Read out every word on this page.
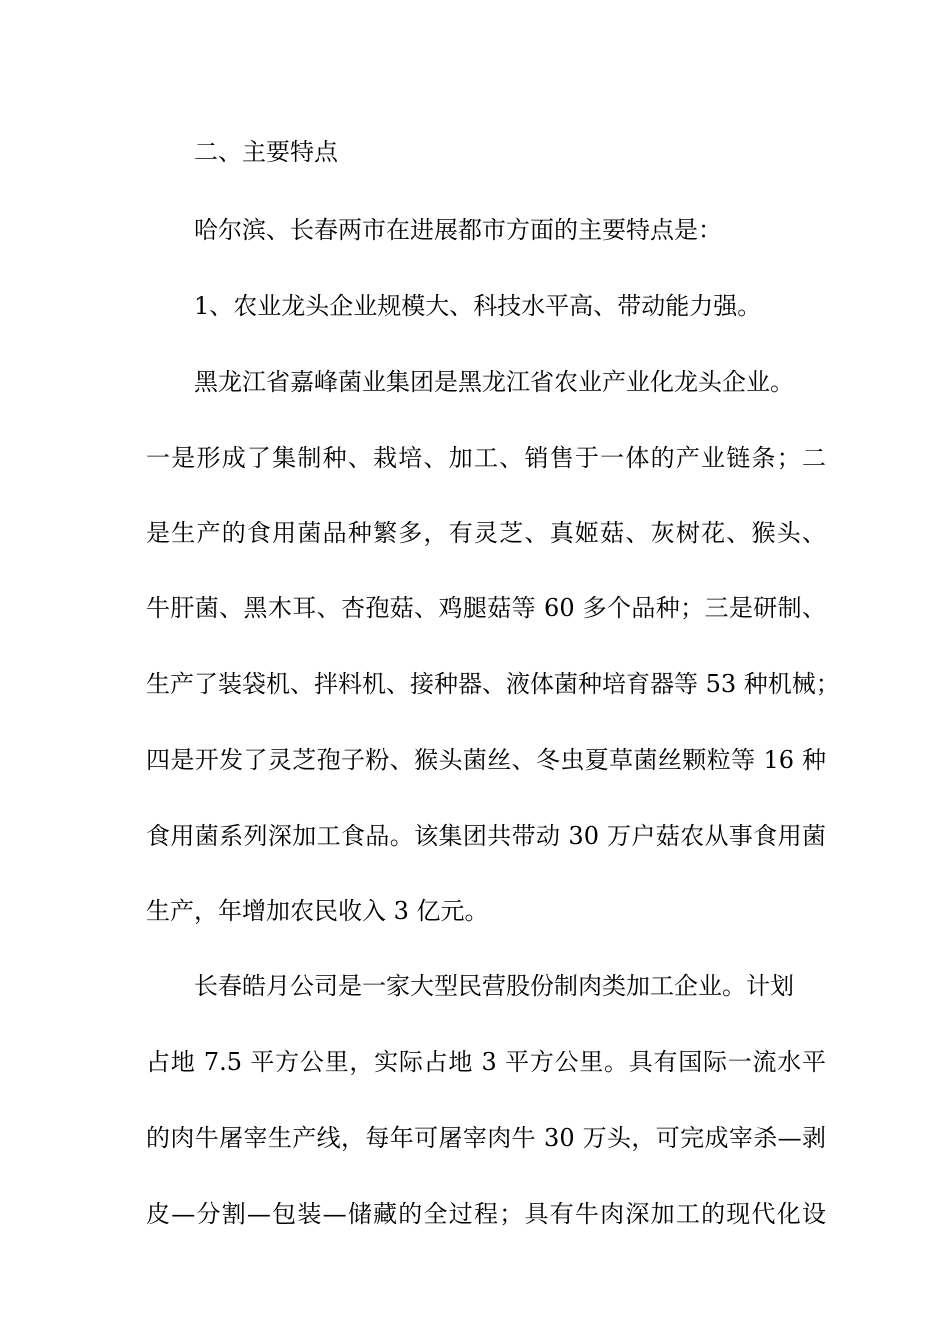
二、主要特点
哈尔滨、长春两市在进展都市方面的主要特点是：
1、农业龙头企业规模大、科技水平高、带动能力强。
黑龙江省嘉峰菌业集团是黑龙江省农业产业化龙头企业。
一是形成了集制种、栽培、加工、销售于一体的产业链条；二
是生产的食用菌品种繁多，有灵芝、真姬菇、灰树花、猴头、
牛肝菌、黑木耳、杏孢菇、鸡腿菇等 60 多个品种；三是研制、
生产了装袋机、拌料机、接种器、液体菌种培育器等 53 种机械；
四是开发了灵芝孢子粉、猴头菌丝、冬虫夏草菌丝颗粒等 16 种
食用菌系列深加工食品。该集团共带动 30 万户菇农从事食用菌
生产，年增加农民收入 3 亿元。
长春皓月公司是一家大型民营股份制肉类加工企业。计划
占地 7.5 平方公里，实际占地 3 平方公里。具有国际一流水平
的肉牛屠宰生产线，每年可屠宰肉牛 30 万头，可完成宰杀—剥
皮—分割—包装—储藏的全过程；具有牛肉深加工的现代化设
